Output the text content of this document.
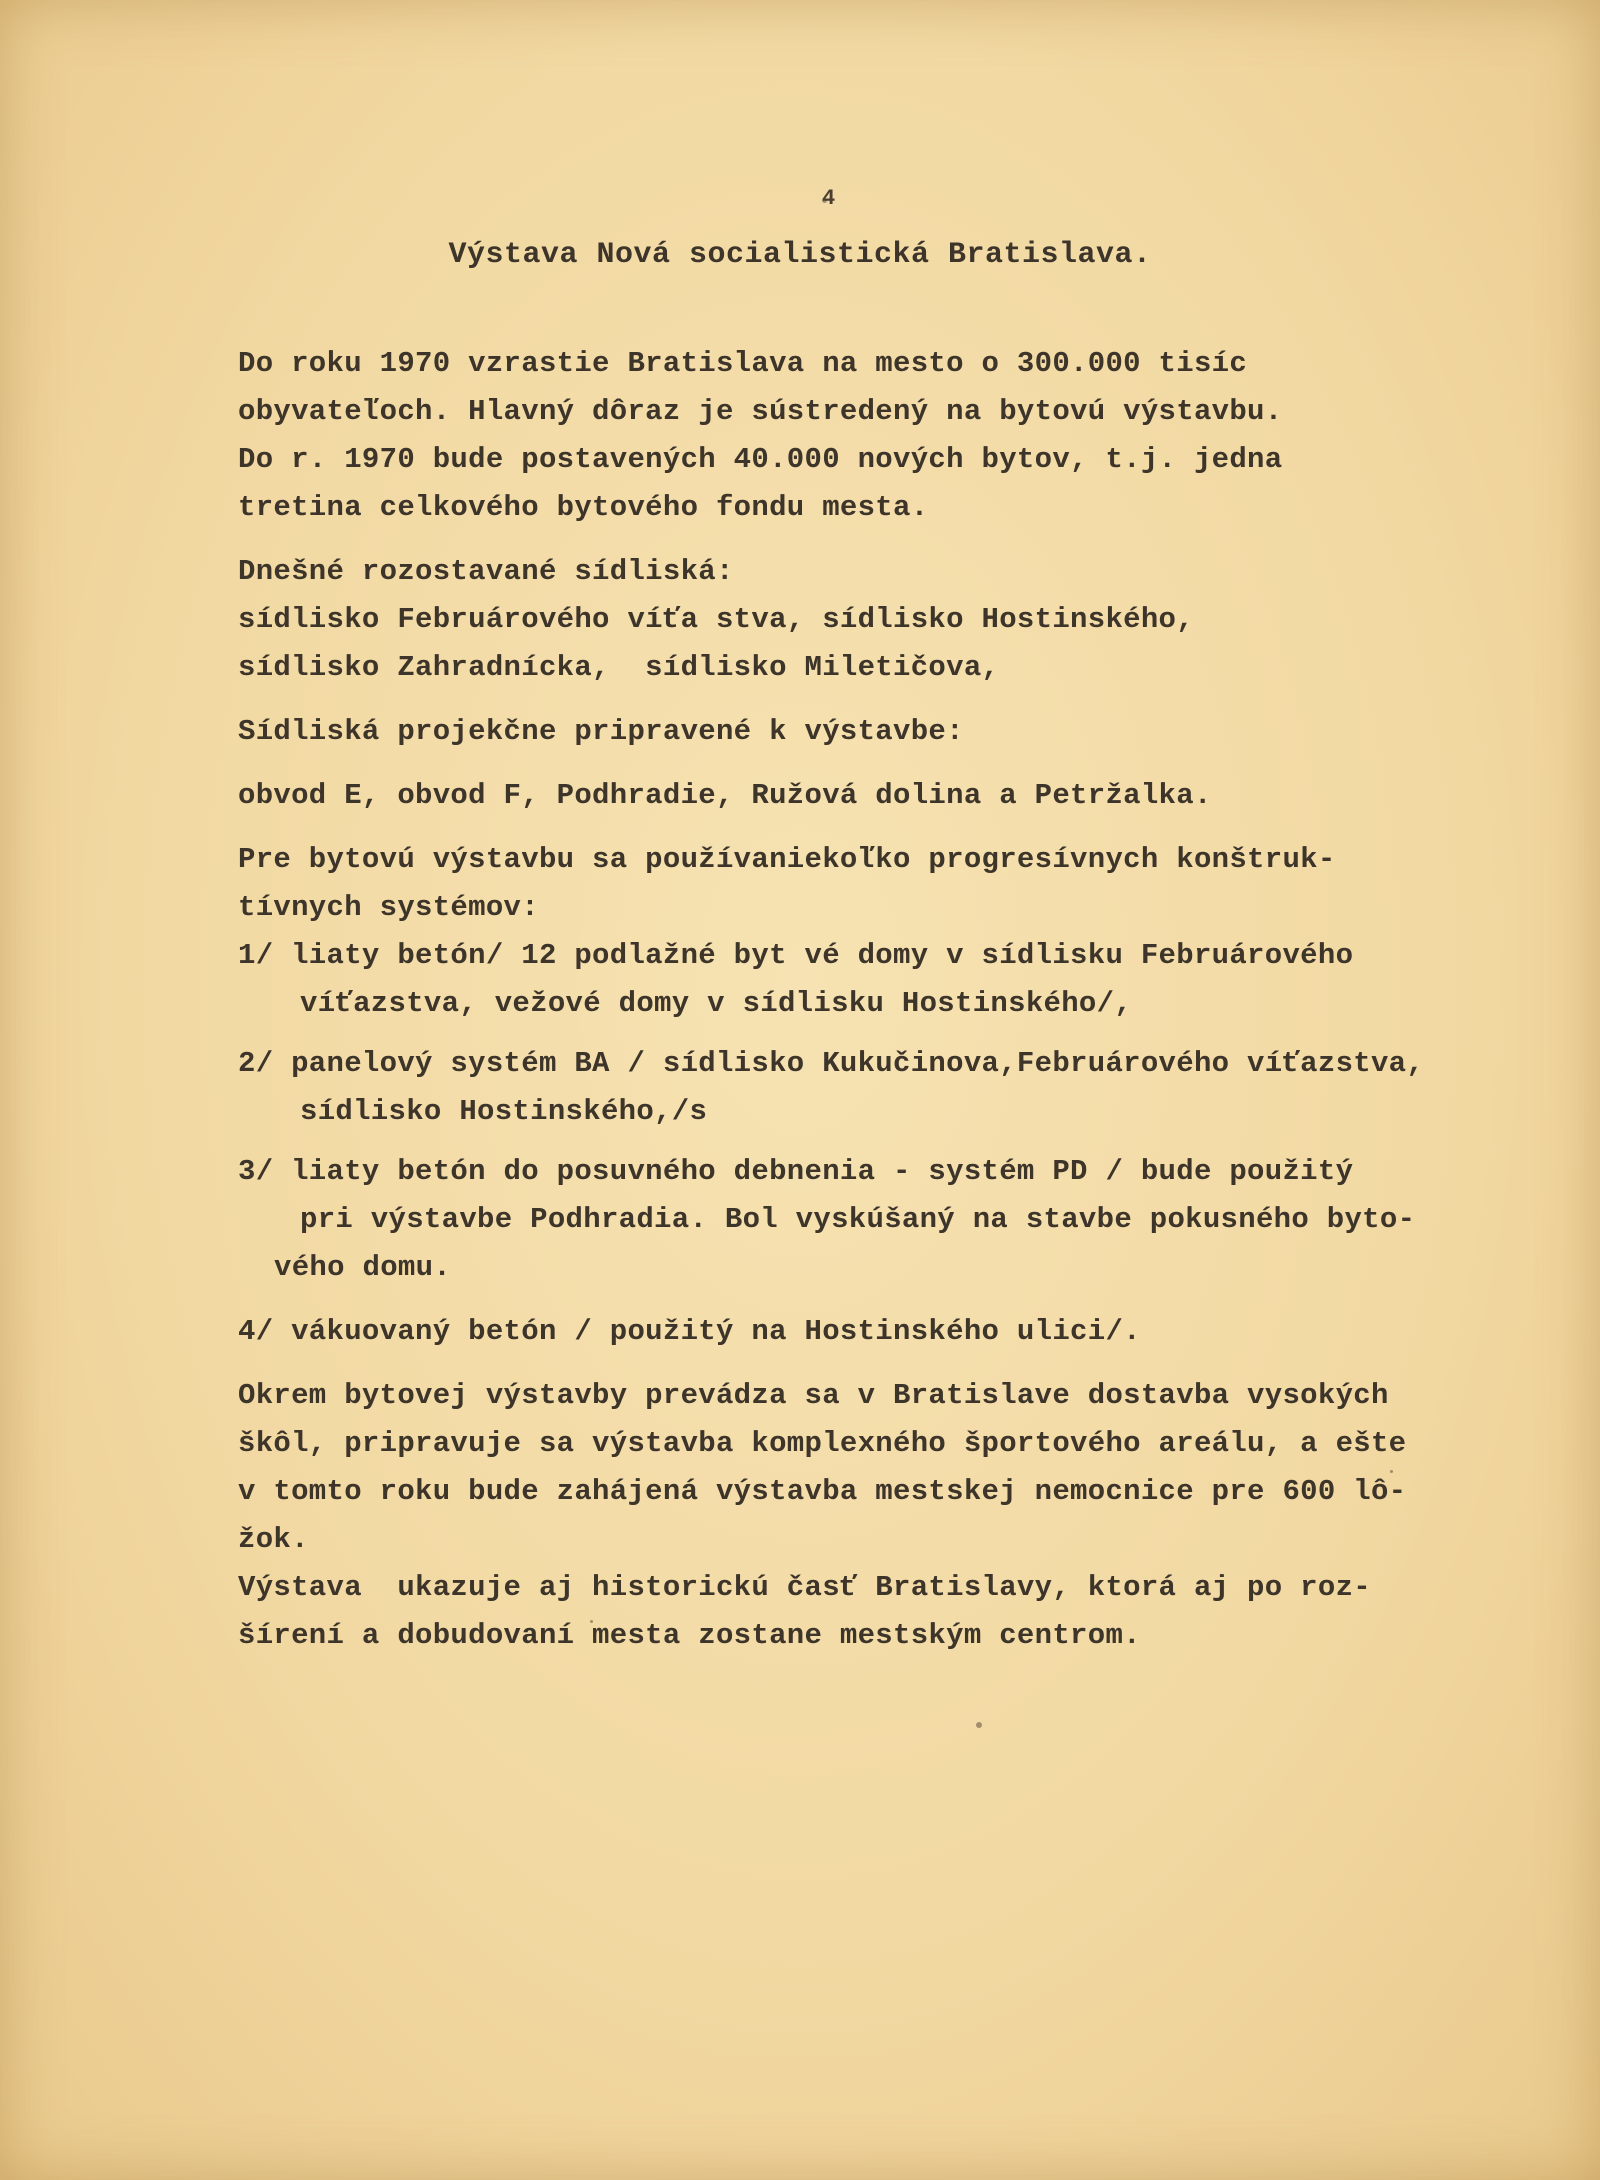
4
Výstava Nová socialistická Bratislava.
Do roku 1970 vzrastie Bratislava na mesto o 300.000 tisíc
obyvateľoch. Hlavný dôraz je sústredený na bytovú výstavbu.
Do r. 1970 bude postavených 40.000 nových bytov, t.j. jedna
tretina celkového bytového fondu mesta.
Dnešné rozostavané sídliská:
sídlisko Februárového víťa stva, sídlisko Hostinského,
sídlisko Zahradnícka,  sídlisko Miletičova,
Sídliská projekčne pripravené k výstavbe:
obvod E, obvod F, Podhradie, Ružová dolina a Petržalka.
Pre bytovú výstavbu sa používaniekoľko progresívnych konštruk-
tívnych systémov:
1/ liaty betón/ 12 podlažné byt vé domy v sídlisku Februárového
víťazstva, vežové domy v sídlisku Hostinského/,
2/ panelový systém BA / sídlisko Kukučinova,Februárového víťazstva,
sídlisko Hostinského,/s
3/ liaty betón do posuvného debnenia - systém PD / bude použitý
pri výstavbe Podhradia. Bol vyskúšaný na stavbe pokusného byto-
vého domu.
4/ vákuovaný betón / použitý na Hostinského ulici/.
Okrem bytovej výstavby prevádza sa v Bratislave dostavba vysokých
škôl, pripravuje sa výstavba komplexného športového areálu, a ešte
v tomto roku bude zahájená výstavba mestskej nemocnice pre 600 lô-
žok.
Výstava  ukazuje aj historickú časť Bratislavy, ktorá aj po roz-
šírení a dobudovaní mesta zostane mestským centrom.
